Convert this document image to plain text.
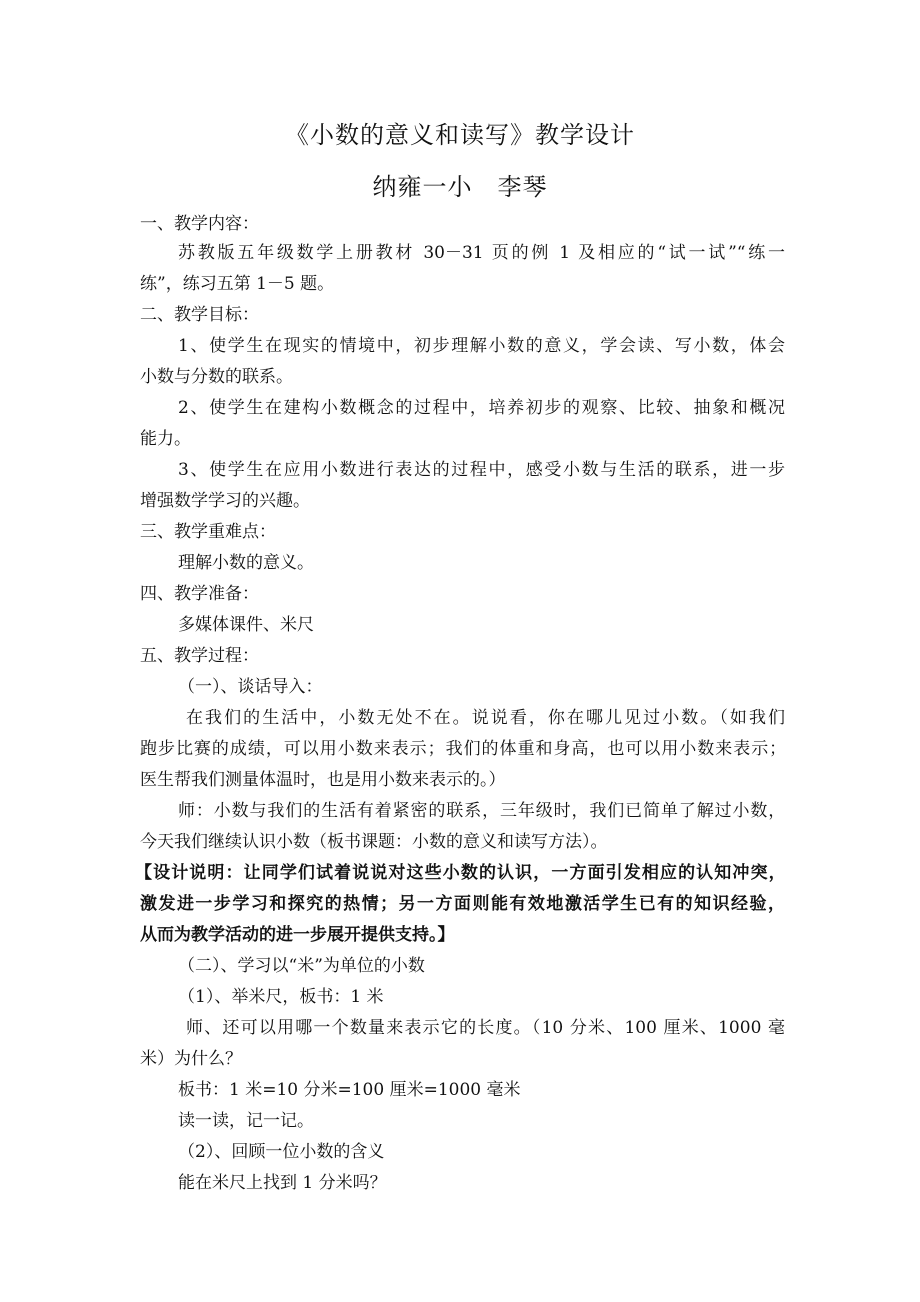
《小数的意义和读写》教学设计
纳雍一小　李琴
一、教学内容：
苏教版五年级数学上册教材 30－31 页的例 1 及相应的“试一试”“练一
练”，练习五第 1－5 题。
二、教学目标：
1、使学生在现实的情境中，初步理解小数的意义，学会读、写小数，体会
小数与分数的联系。
2、使学生在建构小数概念的过程中，培养初步的观察、比较、抽象和概况
能力。
3、使学生在应用小数进行表达的过程中，感受小数与生活的联系，进一步
增强数学学习的兴趣。
三、教学重难点：
理解小数的意义。
四、教学准备：
多媒体课件、米尺
五、教学过程：
（一）、谈话导入：
在我们的生活中，小数无处不在。说说看，你在哪儿见过小数。（如我们
跑步比赛的成绩，可以用小数来表示；我们的体重和身高，也可以用小数来表示；
医生帮我们测量体温时，也是用小数来表示的。）
师：小数与我们的生活有着紧密的联系，三年级时，我们已简单了解过小数，
今天我们继续认识小数（板书课题：小数的意义和读写方法）。
【设计说明：让同学们试着说说对这些小数的认识，一方面引发相应的认知冲突，
激发进一步学习和探究的热情；另一方面则能有效地激活学生已有的知识经验，
从而为教学活动的进一步展开提供支持。】
（二）、学习以“米”为单位的小数
（1）、举米尺，板书：1 米
师、还可以用哪一个数量来表示它的长度。（10 分米、100 厘米、1000 毫
米）为什么？
板书：1 米=10 分米=100 厘米=1000 毫米
读一读，记一记。
（2）、回顾一位小数的含义
能在米尺上找到 1 分米吗？
